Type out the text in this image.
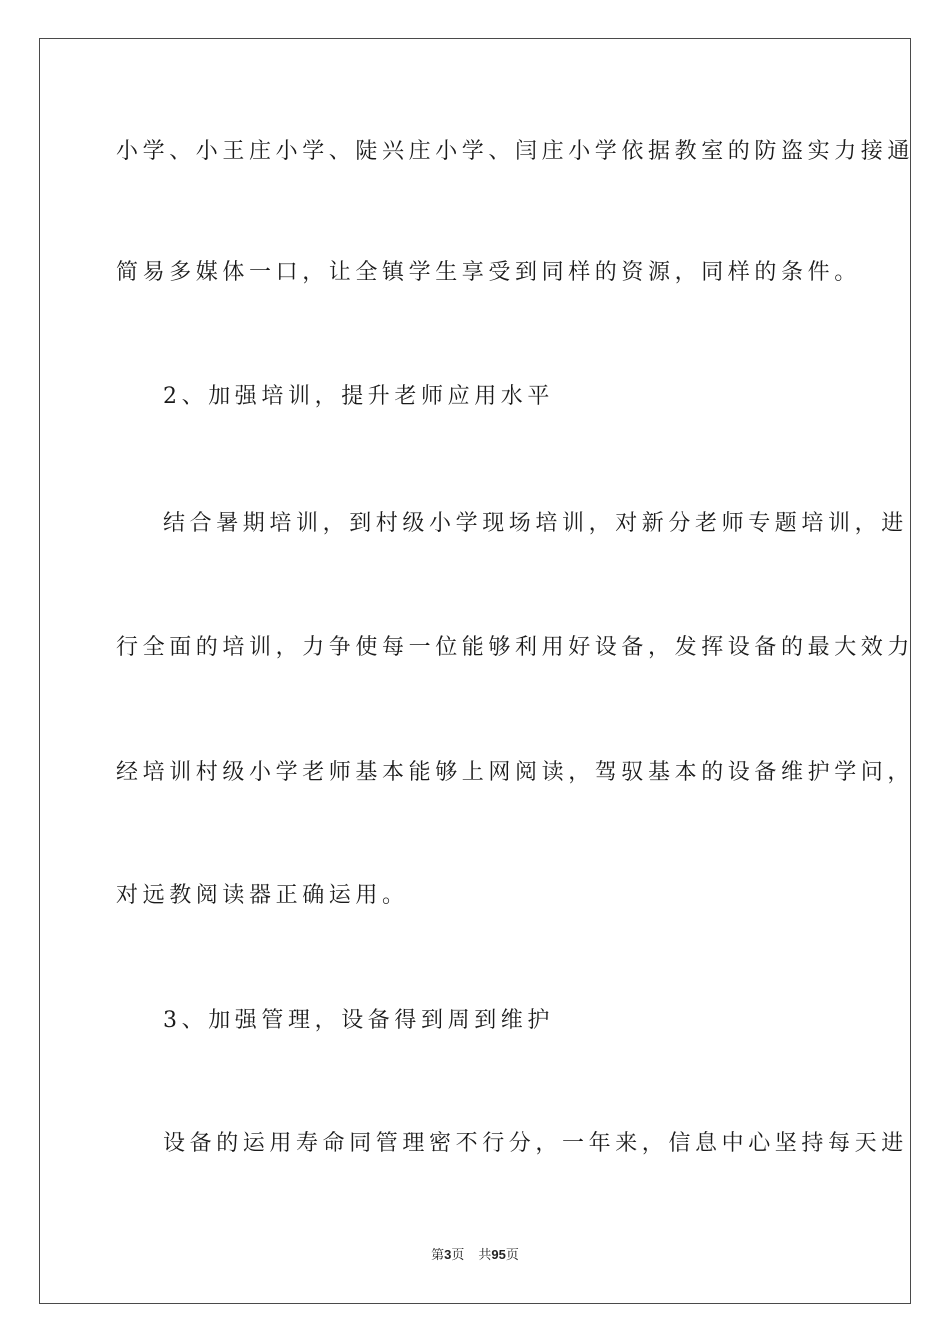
小学、小王庄小学、陡兴庄小学、闫庄小学依据教室的防盗实力接通
简易多媒体一口，让全镇学生享受到同样的资源，同样的条件。
2、加强培训，提升老师应用水平
结合暑期培训，到村级小学现场培训，对新分老师专题培训，进
行全面的培训，力争使每一位能够利用好设备，发挥设备的最大效力
经培训村级小学老师基本能够上网阅读，驾驭基本的设备维护学问，
对远教阅读器正确运用。
3、加强管理，设备得到周到维护
设备的运用寿命同管理密不行分，一年来，信息中心坚持每天进
第3页 共95页
